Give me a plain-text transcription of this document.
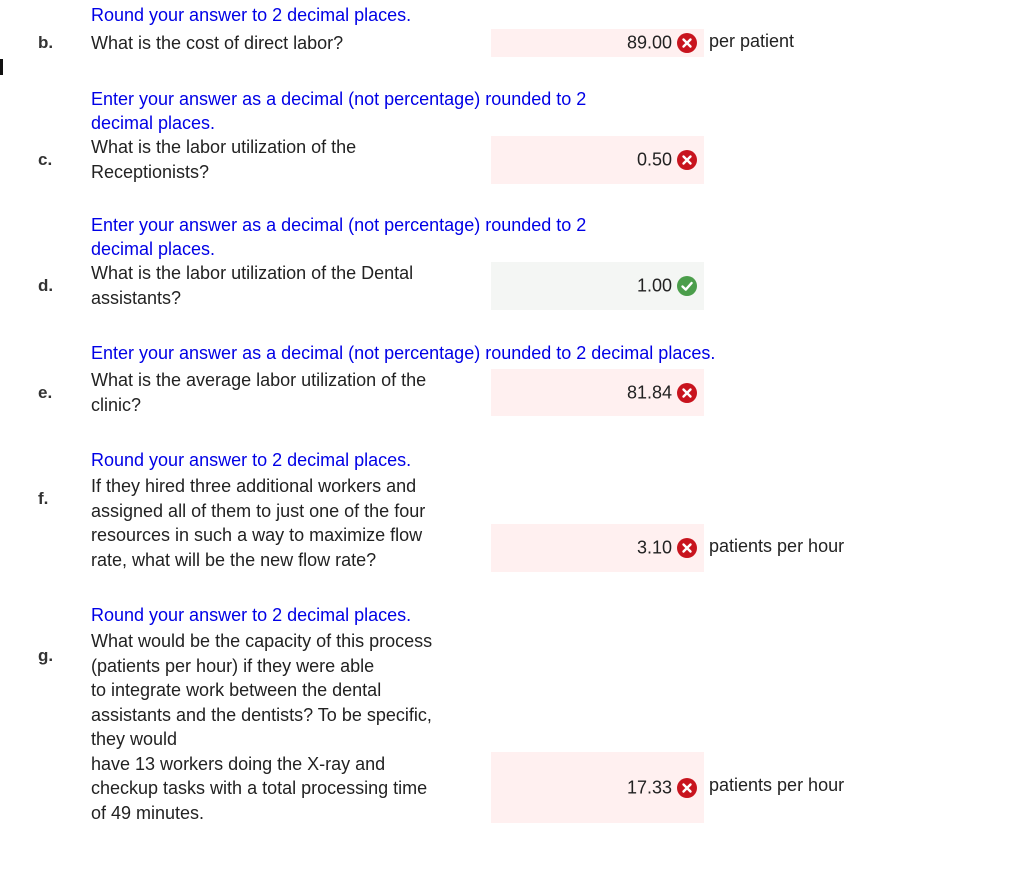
Round your answer to 2 decimal places.
b. What is the cost of direct labor?	89.00 per patient
Enter your answer as a decimal (not percentage) rounded to 2
decimal places.
c.
What is the labor utilization of the
Receptionists?
0.50
Enter your answer as a decimal (not percentage) rounded to 2
decimal places.
d.
What is the labor utilization of the Dental
assistants?
1.00
Enter your answer as a decimal (not percentage) rounded to 2 decimal places.
e.
What is the average labor utilization of the
clinic?
81.84
Round your answer to 2 decimal places.
f.
If they hired three additional workers and
assigned all of them to just one of the four
resources in such a way to maximize flow
rate, what will be the new flow rate?
3.10 patients per hour
Round your answer to 2 decimal places.
g.
What would be the capacity of this process
(patients per hour) if they were able
to integrate work between the dental
assistants and the dentists? To be specific,
they would
have 13 workers doing the X-ray and
checkup tasks with a total processing time
of 49 minutes.
17.33 patients per hour
